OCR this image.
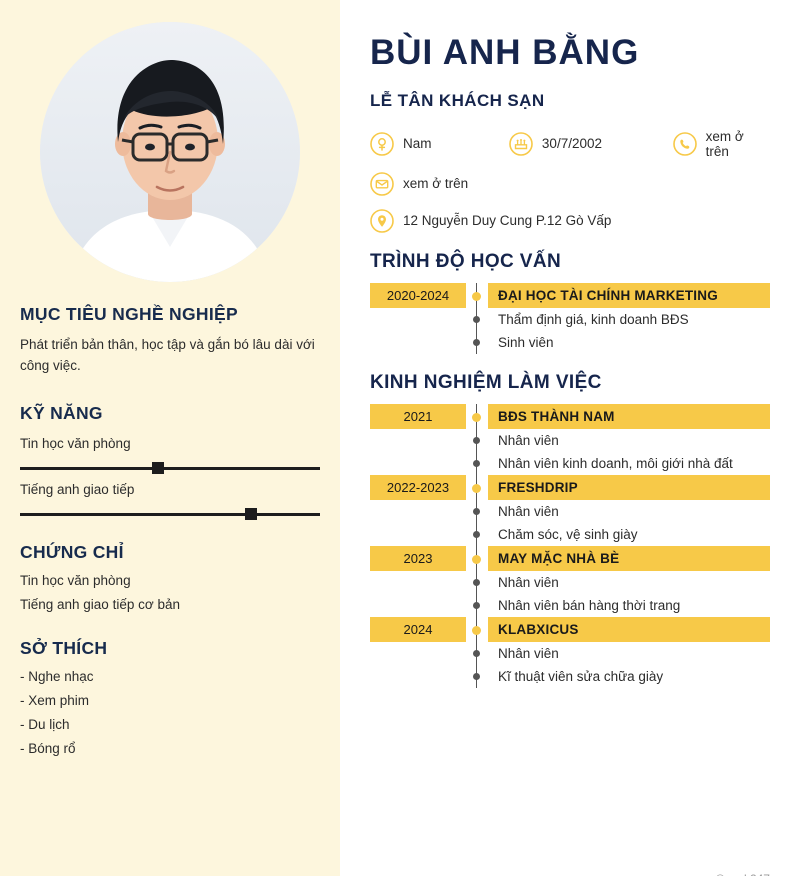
MỤC TIÊU NGHỀ NGHIỆP

Phát triển bản thân, học tập và gắn bó lâu dài với công việc.

KỸ NĂNG
Tin học văn phòng
Tiếng anh giao tiếp
CHỨNG CHỈ
Tin học văn phòng
Tiếng anh giao tiếp cơ bản
SỞ THÍCH
- Nghe nhạc
- Xem phim
- Du lịch
- Bóng rổ
BÙI ANH BẰNG
LỄ TÂN KHÁCH SẠN
Nam	30/7/2002	xem ở trên
xem ở trên
12 Nguyễn Duy Cung P.12 Gò Vấp
TRÌNH ĐỘ HỌC VẤN
2020-2024	ĐẠI HỌC TÀI CHÍNH MARKETING
Thẩm định giá, kinh doanh BĐS
Sinh viên
KINH NGHIỆM LÀM VIỆC
2021	BĐS THÀNH NAM
Nhân viên
Nhân viên kinh doanh, môi giới nhà đất
2022-2023	FRESHDRIP
Nhân viên
Chăm sóc, vệ sinh giày
2023	MAY MẶC NHÀ BÈ
Nhân viên
Nhân viên bán hàng thời trang
2024	KLABXICUS
Nhân viên
Kĩ thuật viên sửa chữa giày
